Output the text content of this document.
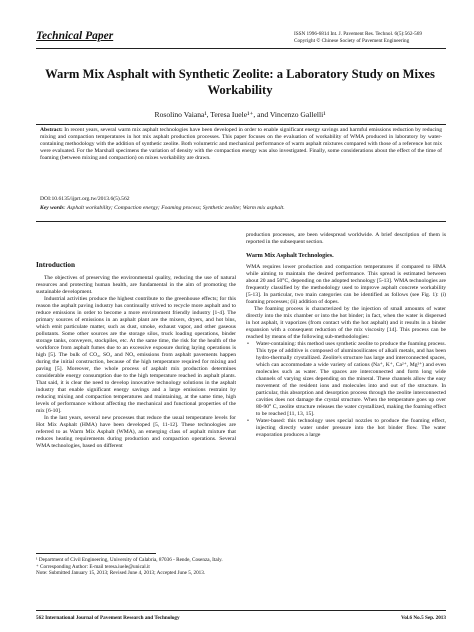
Technical Paper	ISSN 1996-6814 Int. J. Pavement Res. Technol. 6(5):562-569
Copyright © Chinese Society of Pavement Engineering
Warm Mix Asphalt with Synthetic Zeolite: a Laboratory Study on Mixes
Workability
Rosolino Vaiana¹, Teresa Iuele¹⁺, and Vincenzo Gallelli¹
Abstract: In recent years, several warm mix asphalt technologies have been developed in order to enable significant energy savings and harmful emissions reduction by reducing mixing and compaction temperatures in hot mix asphalt production processes. This paper focuses on the evaluation of workability of WMA produced in laboratory by water-containing methodology with the addition of synthetic zeolite. Both volumetric and mechanical performance of warm asphalt mixtures compared with those of a reference hot mix were evaluated. For the Marshall specimens the variation of density with the compaction energy was also investigated. Finally, some considerations about the effect of the time of foaming (between mixing and compaction) on mixes workability are drawn.
DOI:10.6135/ijprt.org.tw/2013.6(5).562
Key words: Asphalt workability; Compaction energy; Foaming process; Synthetic zeolite; Warm mix asphalt.
Introduction

The objectives of preserving the environmental quality, reducing the use of natural resources and protecting human health, are fundamental in the aim of promoting the sustainable development.

Industrial activities produce the highest contribute to the greenhouse effects; for this reason the asphalt paving industry has continually strived to recycle more asphalt and to reduce emissions in order to become a more environment friendly industry [1-4]. The primary sources of emissions in an asphalt plant are the mixers, dryers, and hot bins, which emit particulate matter, such as dust, smoke, exhaust vapor, and other gaseous pollutants. Some other sources are the storage silos, truck loading operations, binder storage tanks, conveyers, stockpiles, etc. At the same time, the risk for the health of the workforce from asphalt fumes due to an excessive exposure during laying operations is high [5]. The bulk of CO₂, SO₂ and NOₓ emissions from asphalt pavements happen during the initial construction, because of the high temperature required for mixing and paving [5]. Moreover, the whole process of asphalt mix production determines considerable energy consumption due to the high temperature reached in asphalt plants. That said, it is clear the need to develop innovative technology solutions in the asphalt industry that enable significant energy savings and a large emissions restraint by reducing mixing and compaction temperatures and maintaining, at the same time, high levels of performance without affecting the mechanical and functional properties of the mix [6-10].

In the last years, several new processes that reduce the usual temperature levels for Hot Mix Asphalt (HMA) have been developed [5, 11-12]. These technologies are referred to as Warm Mix Asphalt (WMA), an emerging class of asphalt mixture that reduces heating requirements during production and compaction operations. Several WMA technologies, based on different

¹ Department of Civil Engineering, University of Calabria, 87036 - Rende, Cosenza, Italy.
⁺ Corresponding Author: E-mail teresa.iuele@unical.it
Note: Submitted January 15, 2013; Revised June 4, 2013; Accepted June 5, 2013.

production processes, are been widespread worldwide. A brief description of them is reported in the subsequent section.

Warm Mix Asphalt Technologies.

WMA requires lower production and compaction temperatures if compared to HMA while aiming to maintain the desired performance. This spread is estimated between about 20 and 50°C, depending on the adopted technology [5-13]. WMA technologies are frequently classified by the methodology used to improve asphalt concrete workability [5-13]. In particular, two main categories can be identified as follows (see Fig. 1): (i) foaming processes; (ii) addition of dopes.

The foaming process is characterized by the injection of small amounts of water directly into the mix chamber or into the hot binder; in fact, when the water is dispersed in hot asphalt, it vaporizes (from contact with the hot asphalt) and it results in a binder expansion with a consequent reduction of the mix viscosity [14]. This process can be reached by means of the following sub-methodologies:

• Water-containing: this method uses synthetic zeolite to produce the foaming process. This type of additive is composed of aluminosilicates of alkali metals, and has been hydro-thermally crystallized. Zeolite's structure has large and interconnected spaces, which can accommodate a wide variety of cations (Na⁺, K⁺, Ca²⁺, Mg²⁺) and even molecules such as water. The spaces are interconnected and form long wide channels of varying sizes depending on the mineral. These channels allow the easy movement of the resident ions and molecules into and out of the structure. In particular, this absorption and desorption process through the zeolite interconnected cavities does not damage the crystal structure. When the temperature goes up over 80-90° C, zeolite structure releases the water crystallized, making the foaming effect to be reached [11, 13, 15].
• Water-based: this technology uses special nozzles to produce the foaming effect, injecting directly water under pressure into the hot binder flow. The water evaporation produces a large
562 International Journal of Pavement Research and Technology	Vol.6 No.5 Sep. 2013
